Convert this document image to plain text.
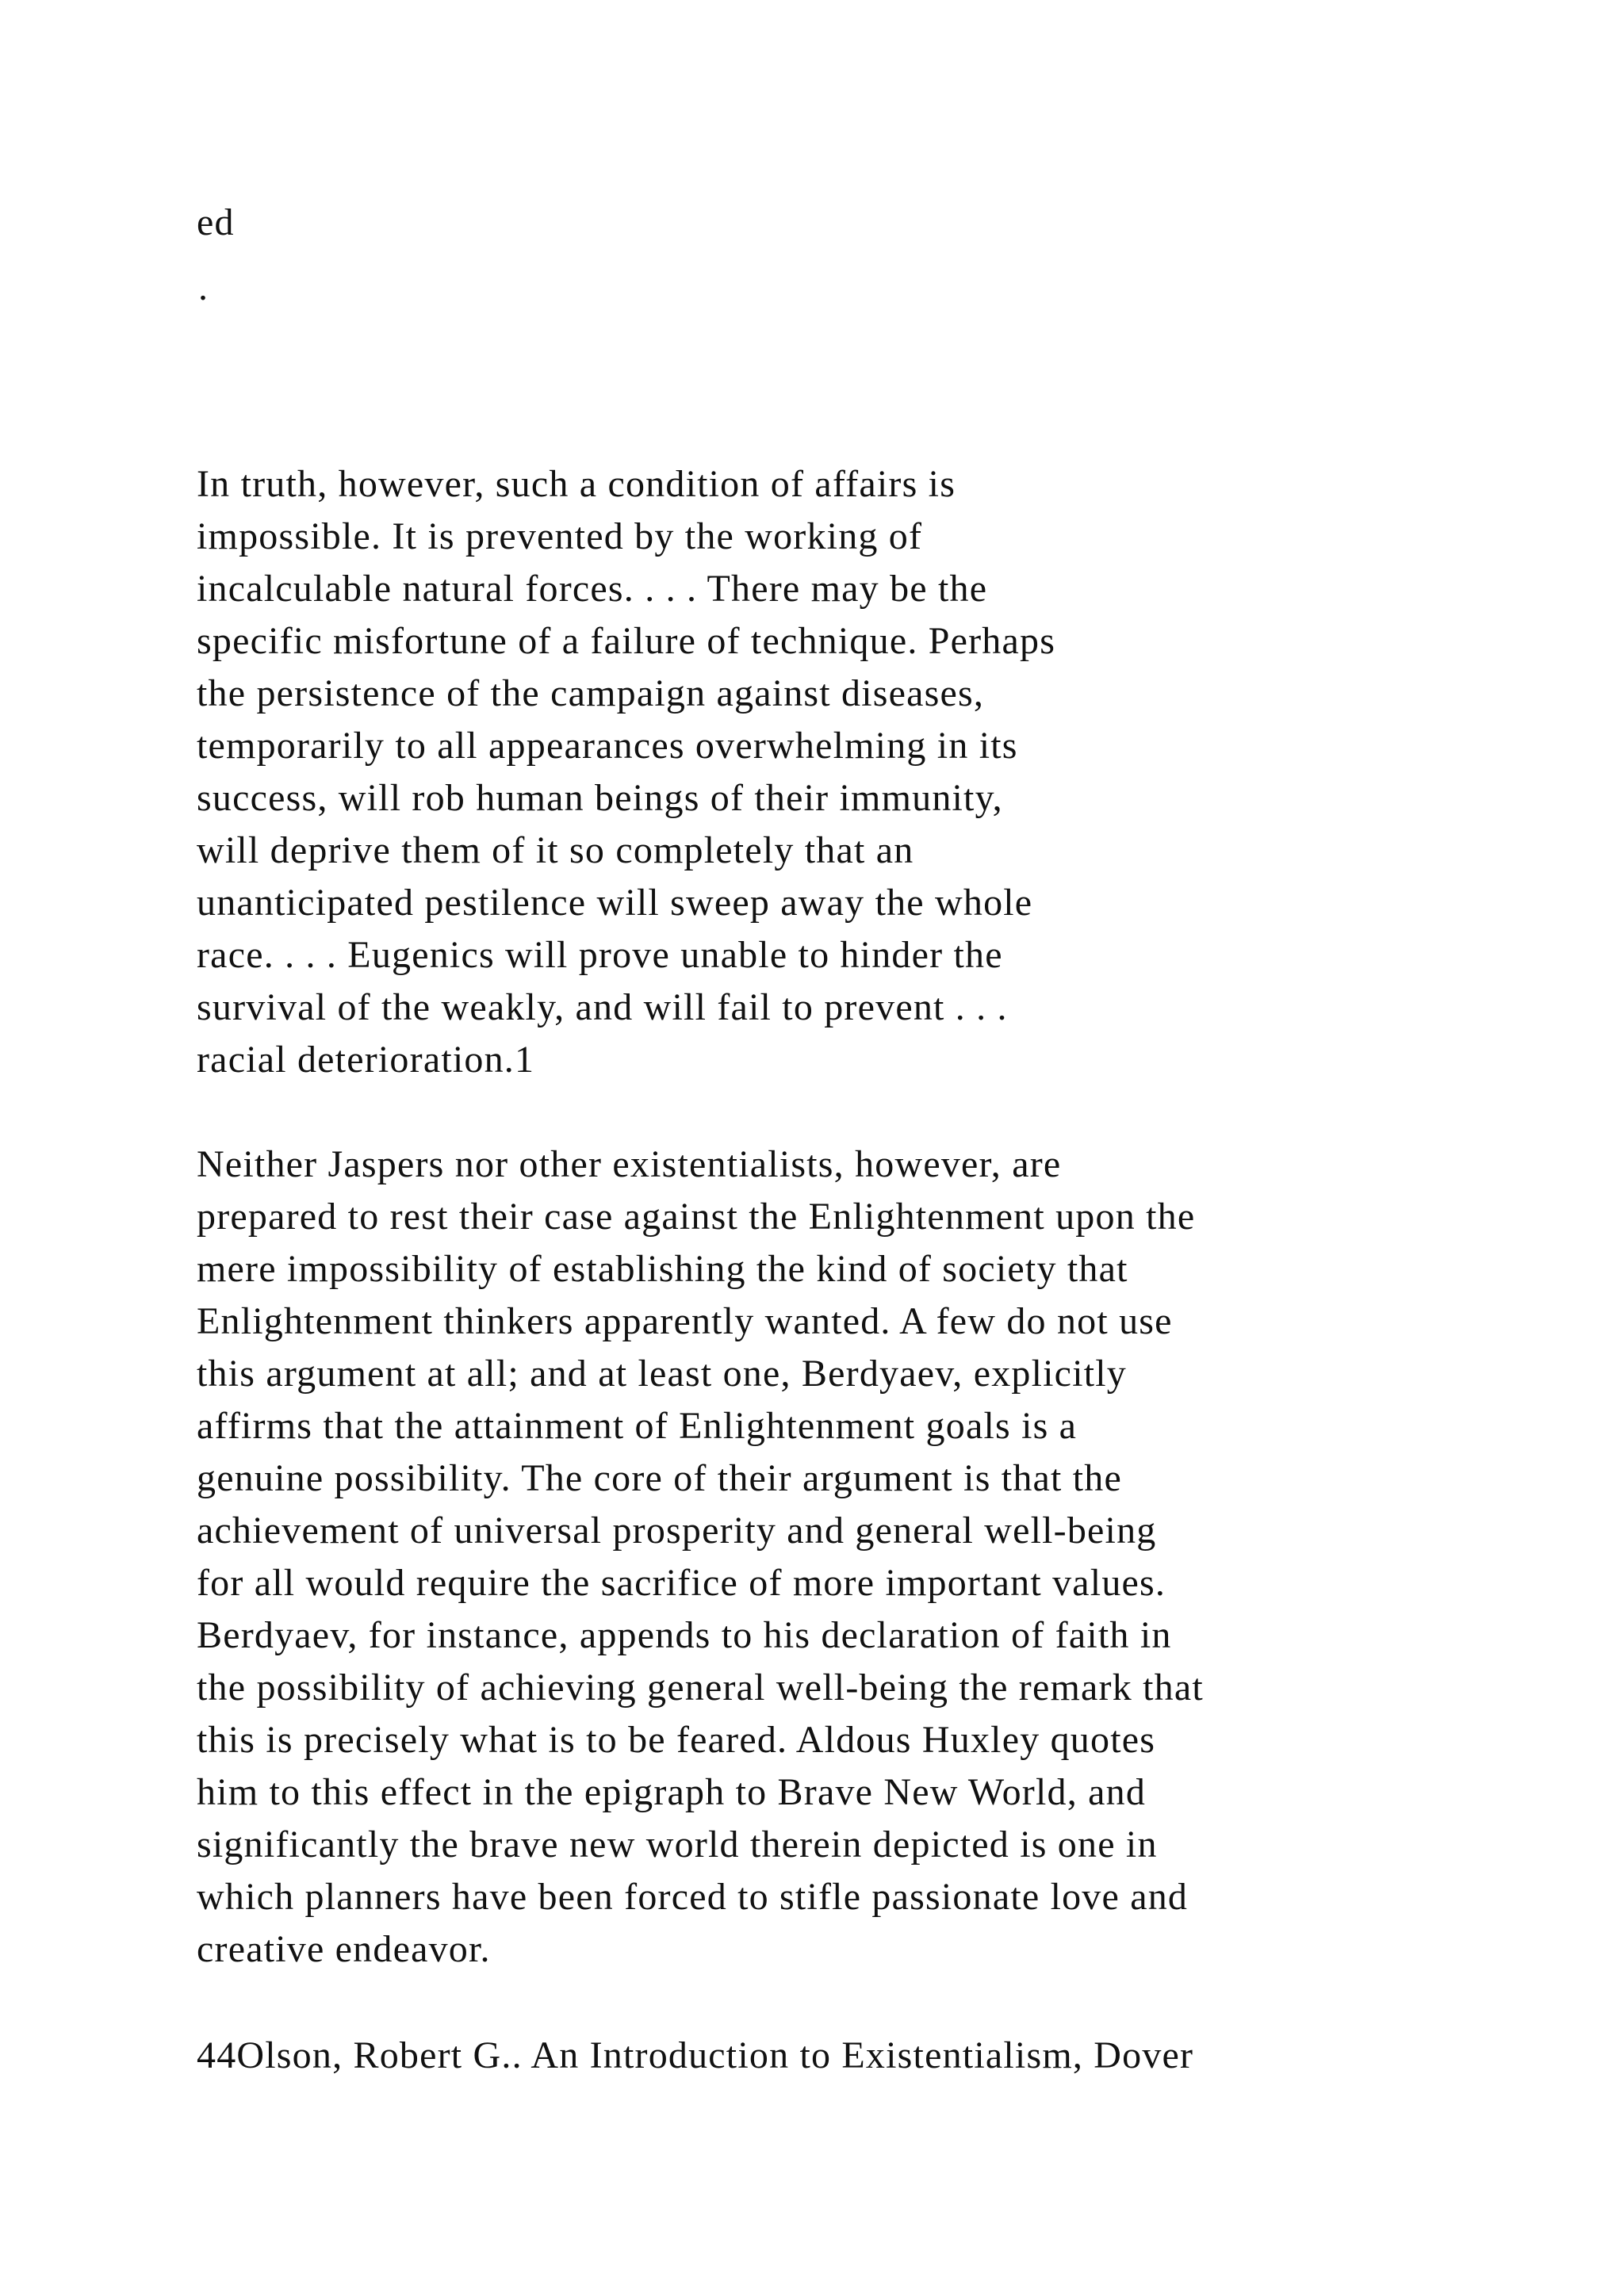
ed
.
In truth, however, such a condition of affairs is
impossible. It is prevented by the working of
incalculable natural forces. . . . There may be the
specific misfortune of a failure of technique. Perhaps
the persistence of the campaign against diseases,
temporarily to all appearances overwhelming in its
success, will rob human beings of their immunity,
will deprive them of it so completely that an
unanticipated pestilence will sweep away the whole
race. . . . Eugenics will prove unable to hinder the
survival of the weakly, and will fail to prevent . . .
racial deterioration.1
Neither Jaspers nor other existentialists, however, are
prepared to rest their case against the Enlightenment upon the
mere impossibility of establishing the kind of society that
Enlightenment thinkers apparently wanted. A few do not use
this argument at all; and at least one, Berdyaev, explicitly
affirms that the attainment of Enlightenment goals is a
genuine possibility. The core of their argument is that the
achievement of universal prosperity and general well-being
for all would require the sacrifice of more important values.
Berdyaev, for instance, appends to his declaration of faith in
the possibility of achieving general well-being the remark that
this is precisely what is to be feared. Aldous Huxley quotes
him to this effect in the epigraph to Brave New World, and
significantly the brave new world therein depicted is one in
which planners have been forced to stifle passionate love and
creative endeavor.
44Olson, Robert G.. An Introduction to Existentialism, Dover
